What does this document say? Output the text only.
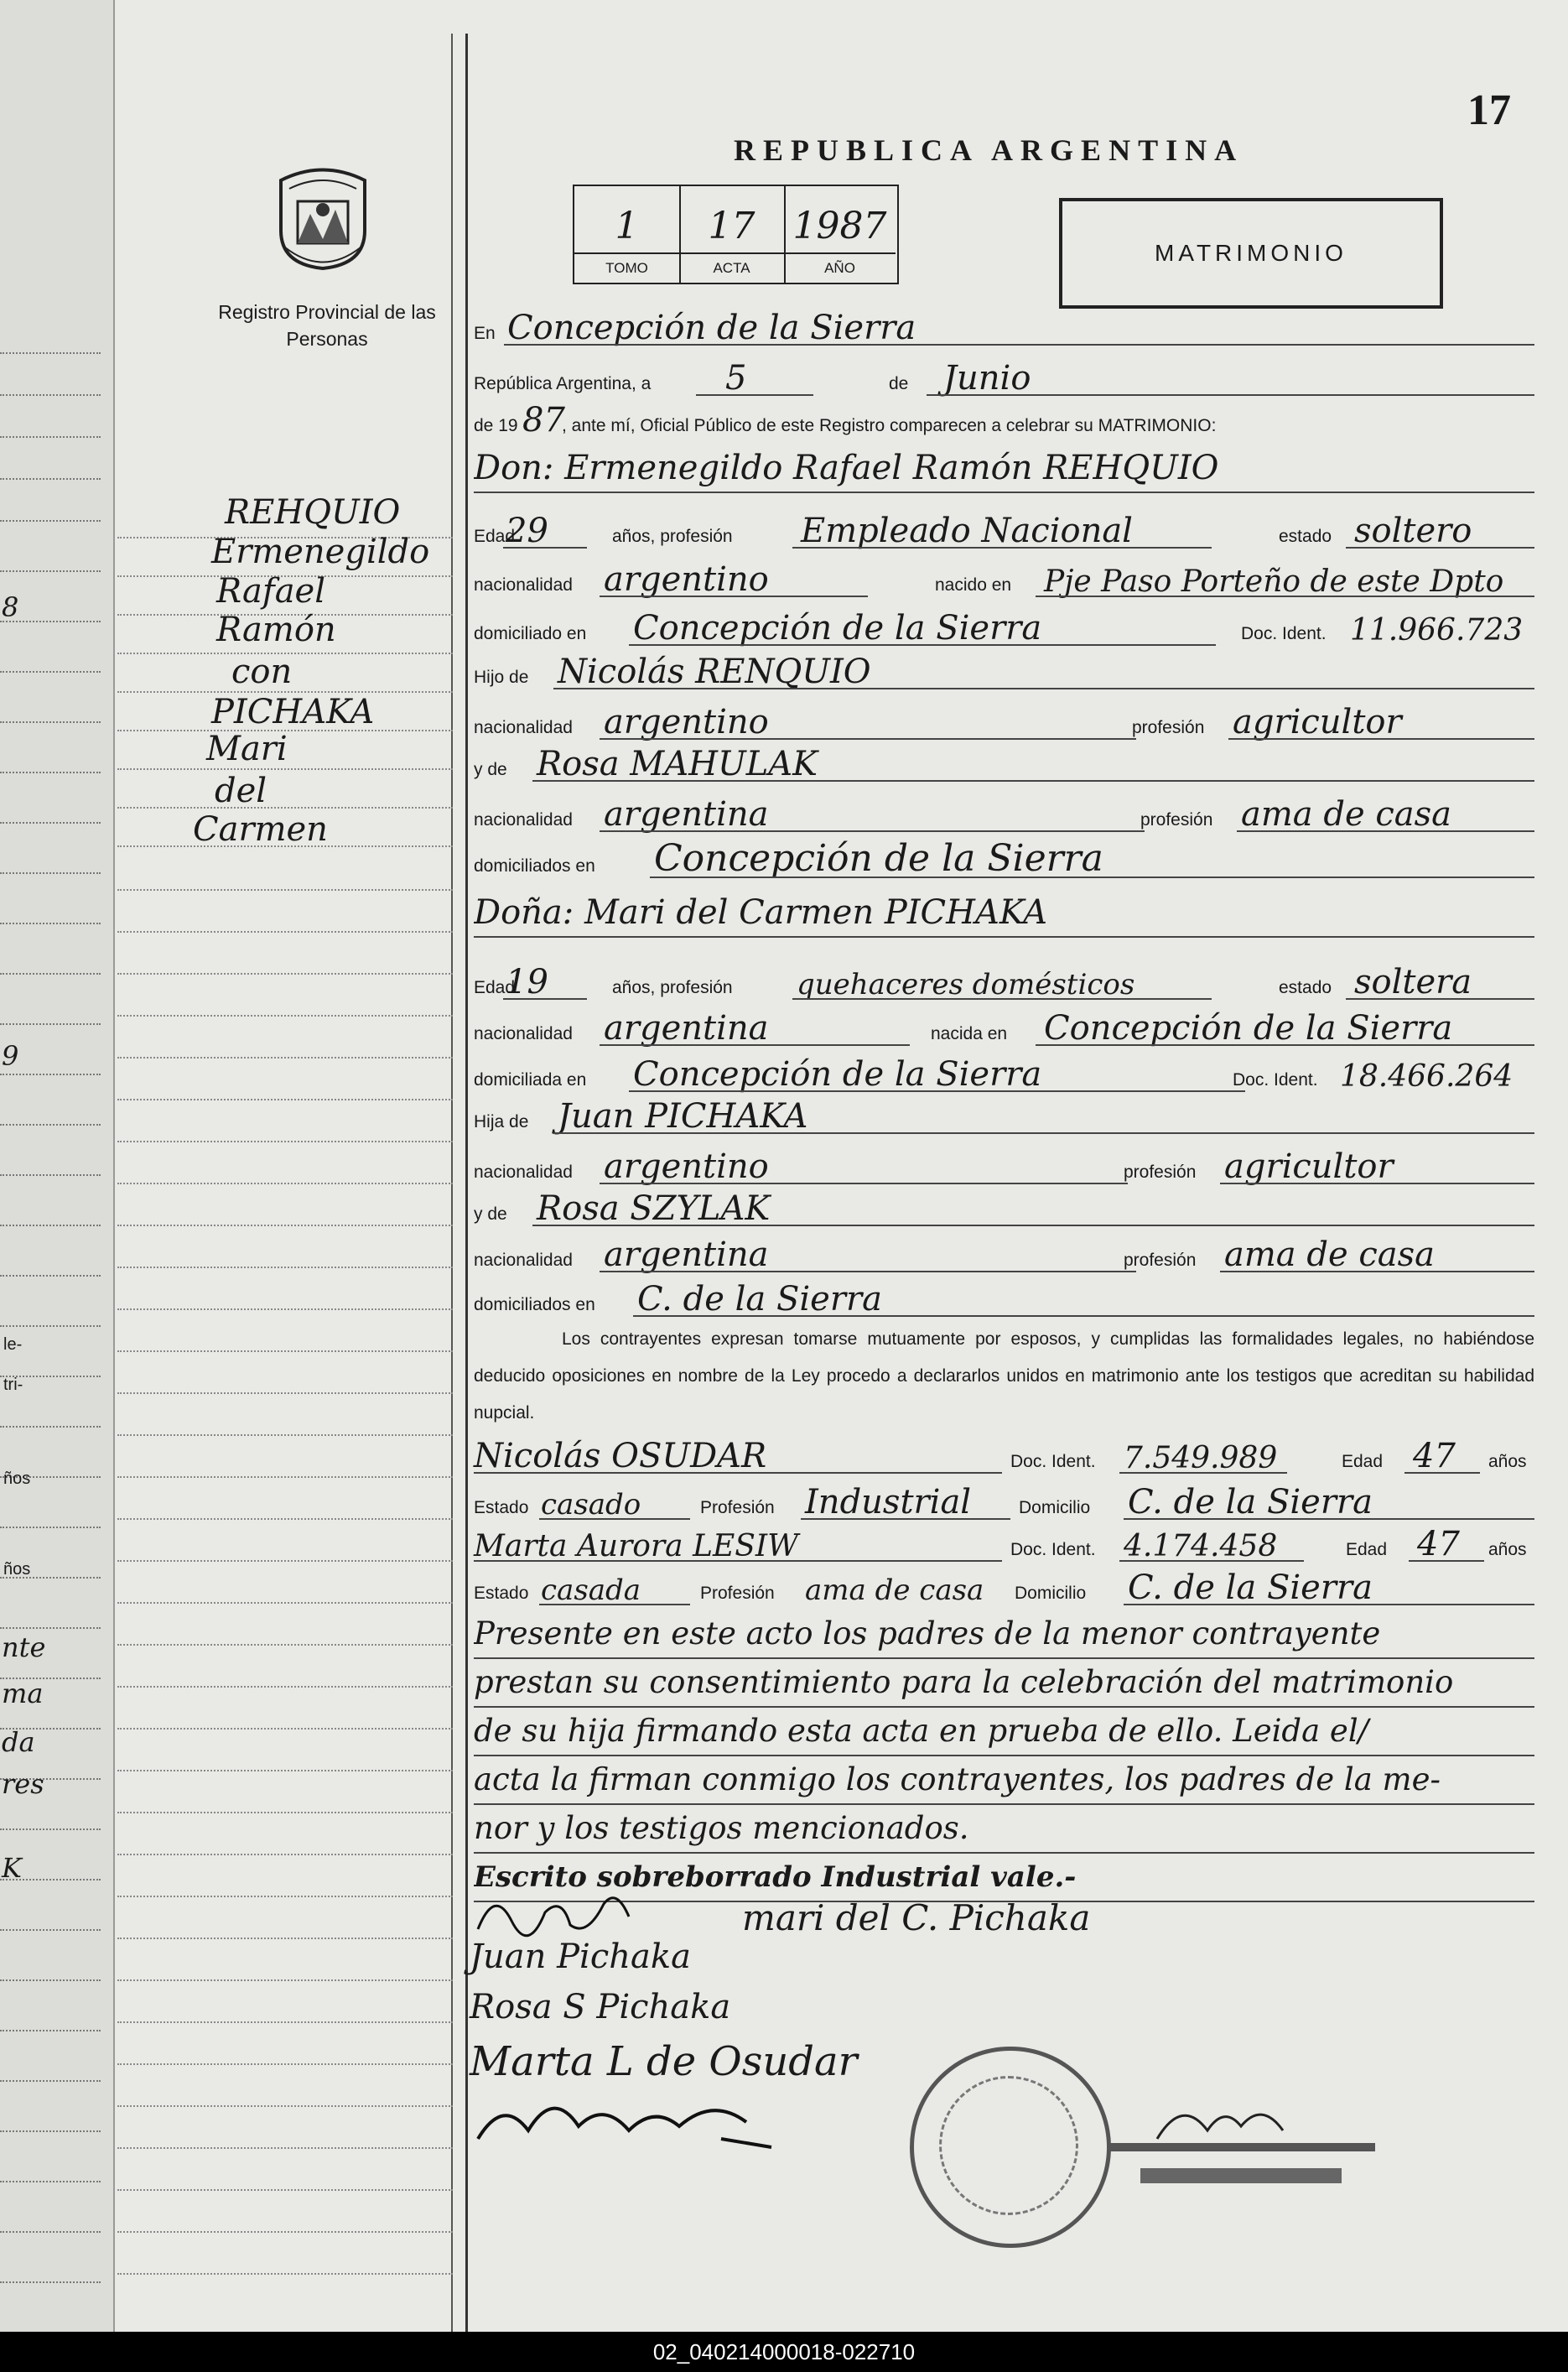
8
9
le-
tri-
ños
ños
nte
ma
da
res
K
17
REPUBLICA ARGENTINA
Registro Provincial de las Personas
1
TOMO
17
ACTA
1987
AÑO
MATRIMONIO
REHQUIO
Ermenegildo
Rafael
Ramón
con
PICHAKA
Mari
del
Carmen
En Concepción de la Sierra
República Argentina, a 5	de Junio
de 19 87
, ante mí, Oficial Público de este Registro comparecen a celebrar su MATRIMONIO:
Don: Ermenegildo Rafael Ramón REHQUIO
Edad
29	años, profesión Empleado Nacional	estado soltero
nacionalidad argentino	nacido en Pje Paso Porteño de este Dpto
domiciliado en Concepción de la Sierra	Doc. Ident. 11.966.723
Hijo de Nicolás RENQUIO
nacionalidad argentino	profesión agricultor
y de Rosa MAHULAK
nacionalidad argentina	profesión ama de casa
domiciliados en Concepción de la Sierra
Doña: Mari del Carmen PICHAKA
Edad
19	años, profesión quehaceres domésticos	estado soltera
nacionalidad argentina	nacida en Concepción de la Sierra
domiciliada en Concepción de la Sierra	Doc. Ident. 18.466.264
Hija de Juan PICHAKA
nacionalidad argentino	profesión agricultor
y de Rosa SZYLAK
nacionalidad argentina	profesión ama de casa
domiciliados en C. de la Sierra
Los contrayentes expresan tomarse mutuamente por esposos, y cumplidas las formalidades legales, no habiéndose deducido oposiciones en nombre de la Ley procedo a declararlos unidos en matrimonio ante los testigos que acreditan su habilidad nupcial.
Nicolás OSUDAR	Doc. Ident. 7.549.989	Edad 47 años
Estado casado	Profesión Industrial	Domicilio C. de la Sierra
Marta Aurora LESIW	Doc. Ident. 4.174.458	Edad 47 años
Estado casada	Profesión ama de casa Domicilio C. de la Sierra
Presente en este acto los padres de la menor contrayente
prestan su consentimiento para la celebración del matrimonio
de su hija firmando esta acta en prueba de ello. Leida el/
acta la firman conmigo los contrayentes, los padres de la me-
nor y los testigos mencionados.
Escrito sobreborrado Industrial vale.-
mari del C. Pichaka
Juan Pichaka
Rosa S Pichaka
Marta L de Osudar
02_040214000018-022710
